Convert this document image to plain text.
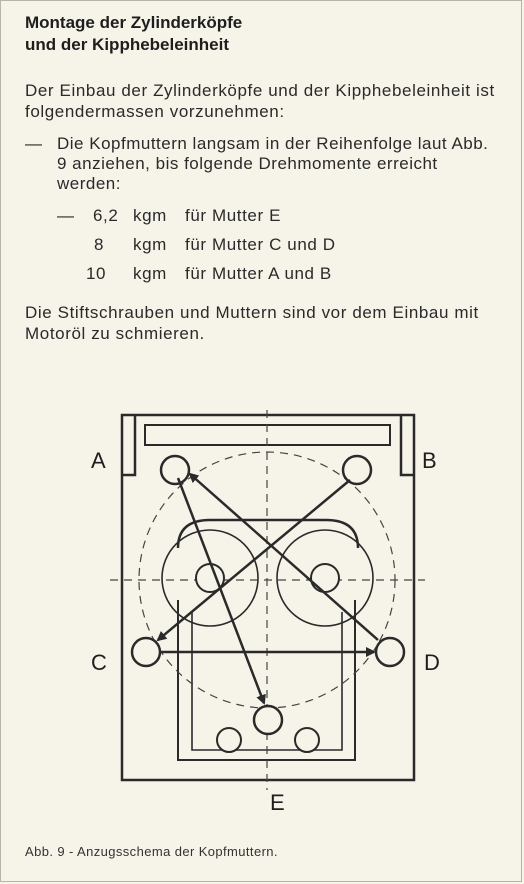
Montage der Zylinderköpfe
und der Kipphebeleinheit
Der Einbau der Zylinderköpfe und der Kipphebeleinheit ist folgendermassen vorzunehmen:
— Die Kopfmuttern langsam in der Reihenfolge laut Abb. 9 anziehen, bis folgende Drehmomente erreicht werden:
— 6,2 kgm für Mutter E
8 kgm für Mutter C und D
10 kgm für Mutter A und B
Die Stiftschrauben und Muttern sind vor dem Einbau mit Motoröl zu schmieren.
A	B
C	D
E
Abb. 9 - Anzugsschema der Kopfmuttern.
